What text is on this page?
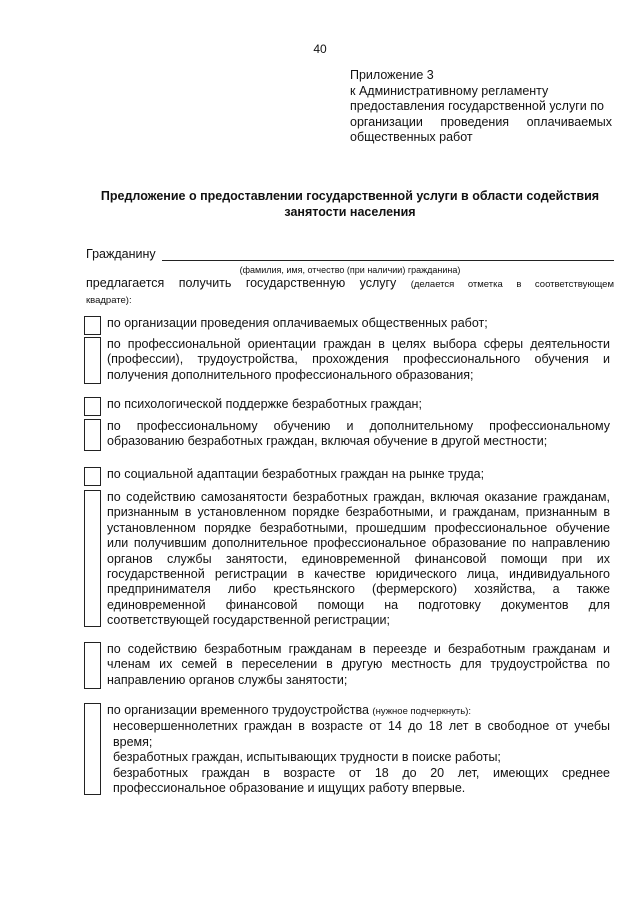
40
Приложение 3
к Административному регламенту
предоставления государственной услуги по
организации проведения оплачиваемых
общественных работ
Предложение о предоставлении государственной услуги в области содействия
занятости населения
Гражданину
(фамилия, имя, отчество (при наличии) гражданина)
предлагается получить государственную услугу (делается отметка в соответствующем
квадрате):
по организации проведения оплачиваемых общественных работ;
по профессиональной ориентации граждан в целях выбора сферы деятельности
(профессии), трудоустройства, прохождения профессионального обучения и
получения дополнительного профессионального образования;
по психологической поддержке безработных граждан;
по профессиональному обучению и дополнительному профессиональному
образованию безработных граждан, включая обучение в другой местности;
по социальной адаптации безработных граждан на рынке труда;
по содействию самозанятости безработных граждан, включая оказание гражданам,
признанным в установленном порядке безработными, и гражданам, признанным в
установленном порядке безработными, прошедшим профессиональное обучение
или получившим дополнительное профессиональное образование по направлению
органов службы занятости, единовременной финансовой помощи при их
государственной регистрации в качестве юридического лица, индивидуального
предпринимателя либо крестьянского (фермерского) хозяйства, а также
единовременной финансовой помощи на подготовку документов для
соответствующей государственной регистрации;
по содействию безработным гражданам в переезде и безработным гражданам и
членам их семей в переселении в другую местность для трудоустройства по
направлению органов службы занятости;
по организации временного трудоустройства (нужное подчеркнуть):
несовершеннолетних граждан в возрасте от 14 до 18 лет в свободное от учебы
время;
безработных граждан, испытывающих трудности в поиске работы;
безработных граждан в возрасте от 18 до 20 лет, имеющих среднее
профессиональное образование и ищущих работу впервые.
